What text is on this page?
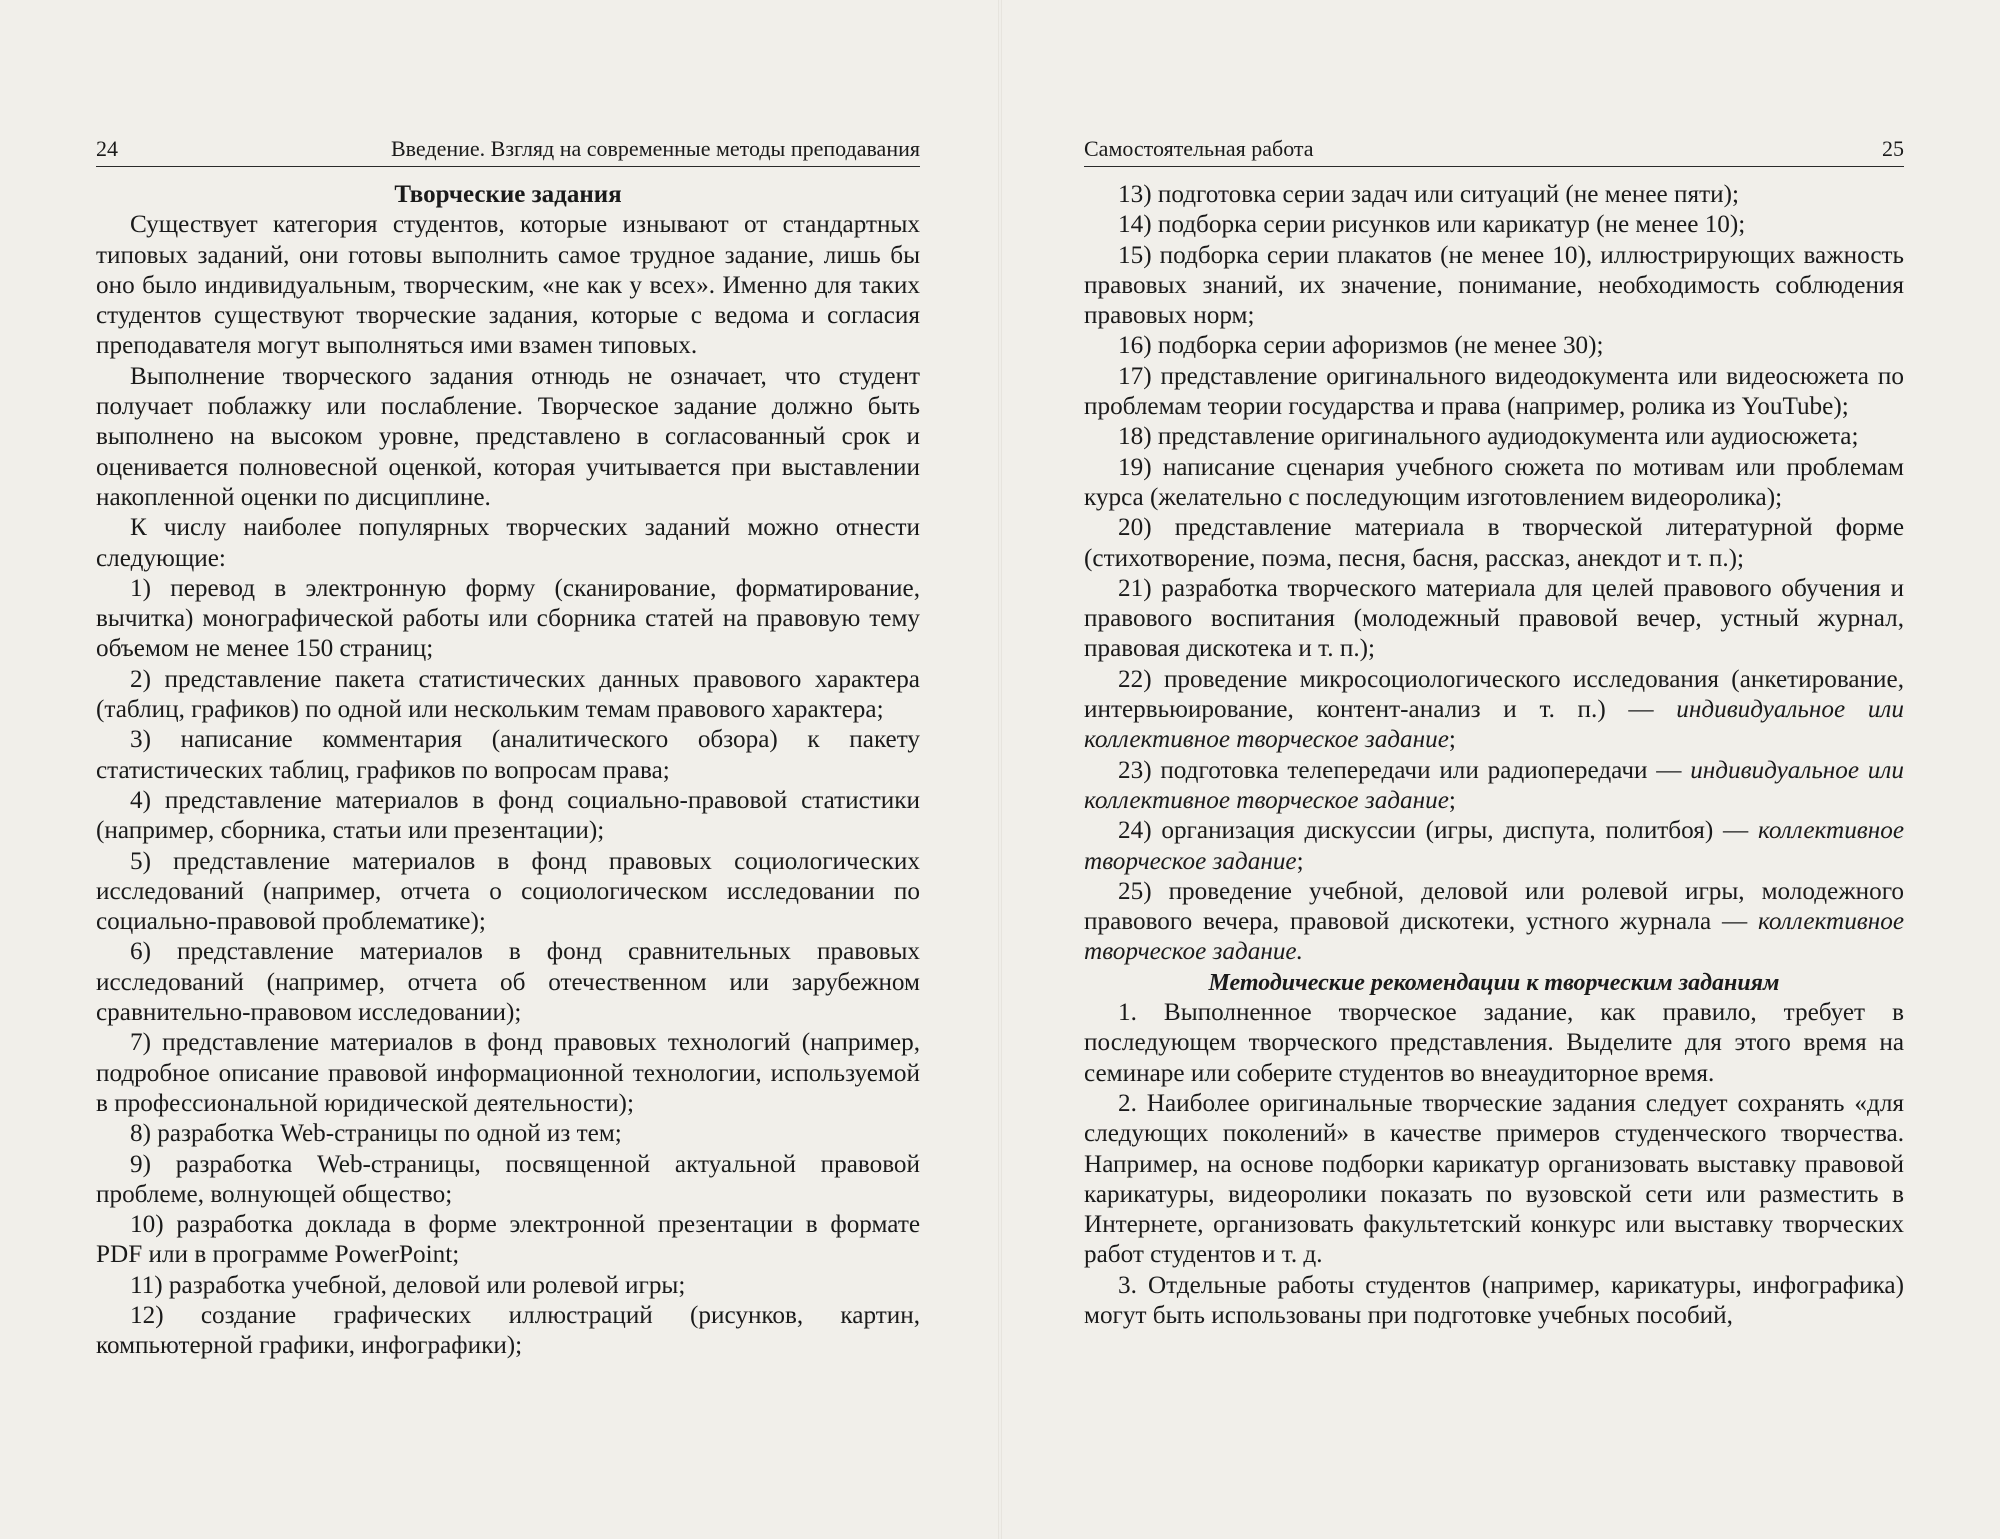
24	Введение. Взгляд на современные методы преподавания

Творческие задания

Существует категория студентов, которые изнывают от стандартных типовых заданий, они готовы выполнить самое трудное задание, лишь бы оно было индивидуальным, творческим, «не как у всех». Именно для таких студентов существуют творческие задания, которые с ведома и согласия преподавателя могут выполняться ими взамен типовых.

Выполнение творческого задания отнюдь не означает, что студент получает поблажку или послабление. Творческое задание должно быть выполнено на высоком уровне, представлено в согласованный срок и оценивается полновесной оценкой, которая учитывается при выставлении накопленной оценки по дисциплине.

К числу наиболее популярных творческих заданий можно отнести следующие:

1) перевод в электронную форму (сканирование, форматирование, вычитка) монографической работы или сборника статей на правовую тему объемом не менее 150 страниц;

2) представление пакета статистических данных правового характера (таблиц, графиков) по одной или нескольким темам правового характера;

3) написание комментария (аналитического обзора) к пакету статистических таблиц, графиков по вопросам права;

4) представление материалов в фонд социально-правовой статистики (например, сборника, статьи или презентации);

5) представление материалов в фонд правовых социологических исследований (например, отчета о социологическом исследовании по социально-правовой проблематике);

6) представление материалов в фонд сравнительных правовых исследований (например, отчета об отечественном или зарубежном сравнительно-правовом исследовании);

7) представление материалов в фонд правовых технологий (например, подробное описание правовой информационной технологии, используемой в профессиональной юридической деятельности);

8) разработка Web-страницы по одной из тем;

9) разработка Web-страницы, посвященной актуальной правовой проблеме, волнующей общество;

10) разработка доклада в форме электронной презентации в формате PDF или в программе PowerPoint;

11) разработка учебной, деловой или ролевой игры;

12) создание графических иллюстраций (рисунков, картин, компьютерной графики, инфографики);

Самостоятельная работа	25

13) подготовка серии задач или ситуаций (не менее пяти);

14) подборка серии рисунков или карикатур (не менее 10);

15) подборка серии плакатов (не менее 10), иллюстрирующих важность правовых знаний, их значение, понимание, необходимость соблюдения правовых норм;

16) подборка серии афоризмов (не менее 30);

17) представление оригинального видеодокумента или видеосюжета по проблемам теории государства и права (например, ролика из YouTube);

18) представление оригинального аудиодокумента или аудиосюжета;

19) написание сценария учебного сюжета по мотивам или проблемам курса (желательно с последующим изготовлением видеоролика);

20) представление материала в творческой литературной форме (стихотворение, поэма, песня, басня, рассказ, анекдот и т. п.);

21) разработка творческого материала для целей правового обучения и правового воспитания (молодежный правовой вечер, устный журнал, правовая дискотека и т. п.);

22) проведение микросоциологического исследования (анкетирование, интервьюирование, контент-анализ и т. п.) — индивидуальное или коллективное творческое задание;

23) подготовка телепередачи или радиопередачи — индивидуальное или коллективное творческое задание;

24) организация дискуссии (игры, диспута, политбоя) — коллективное творческое задание;

25) проведение учебной, деловой или ролевой игры, молодежного правового вечера, правовой дискотеки, устного журнала — коллективное творческое задание.

Методические рекомендации к творческим заданиям

1. Выполненное творческое задание, как правило, требует в последующем творческого представления. Выделите для этого время на семинаре или соберите студентов во внеаудиторное время.

2. Наиболее оригинальные творческие задания следует сохранять «для следующих поколений» в качестве примеров студенческого творчества. Например, на основе подборки карикатур организовать выставку правовой карикатуры, видеоролики показать по вузовской сети или разместить в Интернете, организовать факультетский конкурс или выставку творческих работ студентов и т. д.

3. Отдельные работы студентов (например, карикатуры, инфографика) могут быть использованы при подготовке учебных пособий,
